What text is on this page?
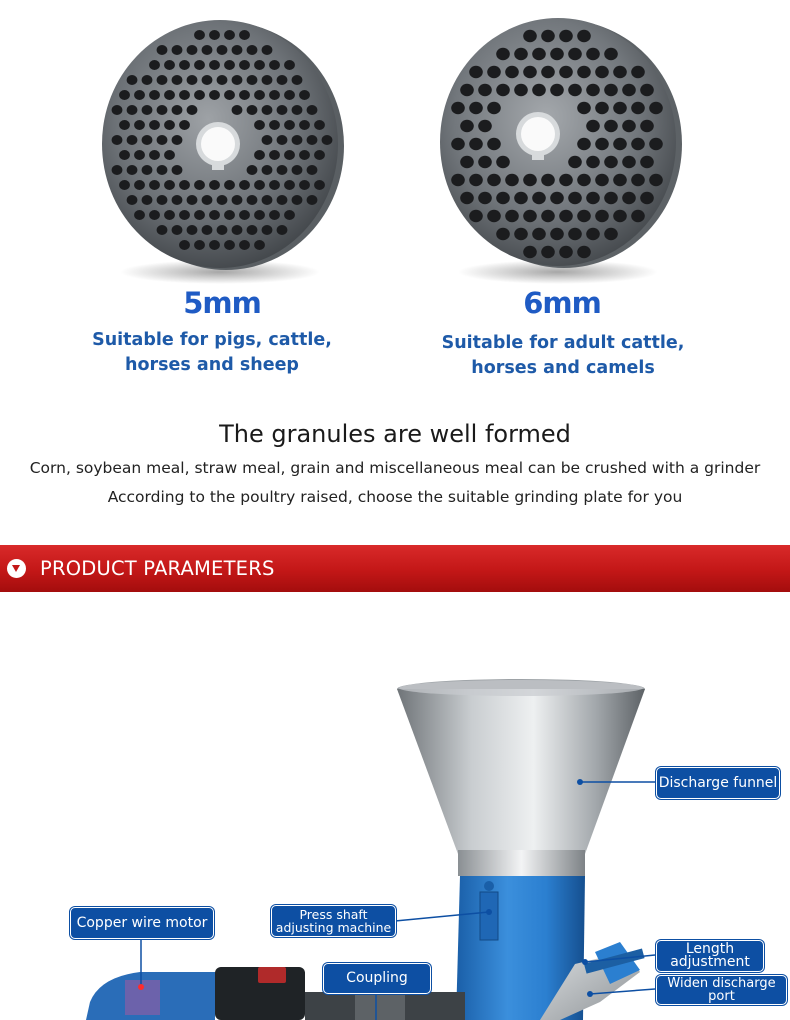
5mm
Suitable for pigs, cattle,
horses and sheep
6mm
Suitable for adult cattle,
horses and camels
The granules are well formed
Corn, soybean meal, straw meal, grain and miscellaneous meal can be crushed with a grinder
According to the poultry raised, choose the suitable grinding plate for you
PRODUCT PARAMETERS
Discharge funnel
Copper wire motor	Press shaft
adjusting machine
Length
adjustment
Coupling	Widen discharge port
